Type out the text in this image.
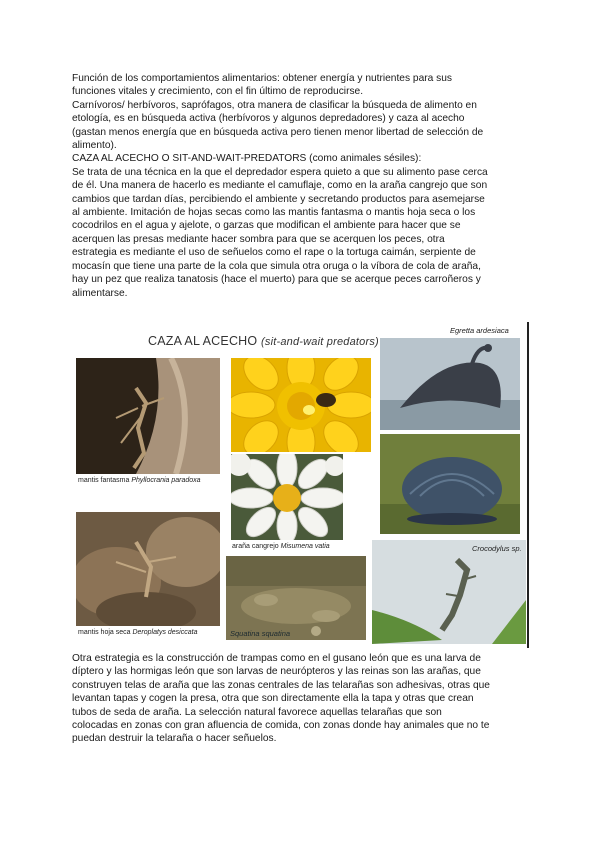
Función de los comportamientos alimentarios: obtener energía y nutrientes para sus
funciones vitales y crecimiento, con el fin último de reproducirse.
Carnívoros/ herbívoros, saprófagos, otra manera de clasificar la búsqueda de alimento en
etología, es en búsqueda activa (herbívoros y algunos depredadores) y caza al acecho
(gastan menos energía que en búsqueda activa pero tienen menor libertad de selección de
alimento).
CAZA AL ACECHO O SIT-AND-WAIT-PREDATORS (como animales sésiles):
Se trata de una técnica en la que el depredador espera quieto a que su alimento pase cerca
de él. Una manera de hacerlo es mediante el camuflaje, como en la araña cangrejo que son
cambios que tardan días, percibiendo el ambiente y secretando productos para asemejarse
al ambiente. Imitación de hojas secas como las mantis fantasma o mantis hoja seca o los
cocodrilos en el agua y ajelote, o garzas que modifican el ambiente para hacer que se
acerquen las presas mediante hacer sombra para que se acerquen los peces, otra
estrategia es mediante el uso de señuelos como el rape o la tortuga caimán, serpiente de
mocasín que tiene una parte de la cola que simula otra oruga o la víbora de cola de araña,
hay un pez que realiza tanatosis (hace el muerto) para que se acerque peces carroñeros y
alimentarse.
CAZA AL ACECHO (sit-and-wait predators)
mantis fantasma Phyllocrania paradoxa
mantis hoja seca Deroplatys desiccata
araña cangrejo Misumena vatia
Squatina squatina
Egretta ardesiaca
Crocodylus sp.
Otra estrategia es la construcción de trampas como en el gusano león que es una larva de
díptero y las hormigas león que son larvas de neurópteros y las reinas son las arañas, que
construyen telas de araña que las zonas centrales de las telarañas son adhesivas, otras que
levantan tapas y cogen la presa, otra que son directamente ella la tapa y otras que crean
tubos de seda de araña. La selección natural favorece aquellas telarañas que son
colocadas en zonas con gran afluencia de comida, con zonas donde hay animales que no te
puedan destruir la telaraña o hacer señuelos.
